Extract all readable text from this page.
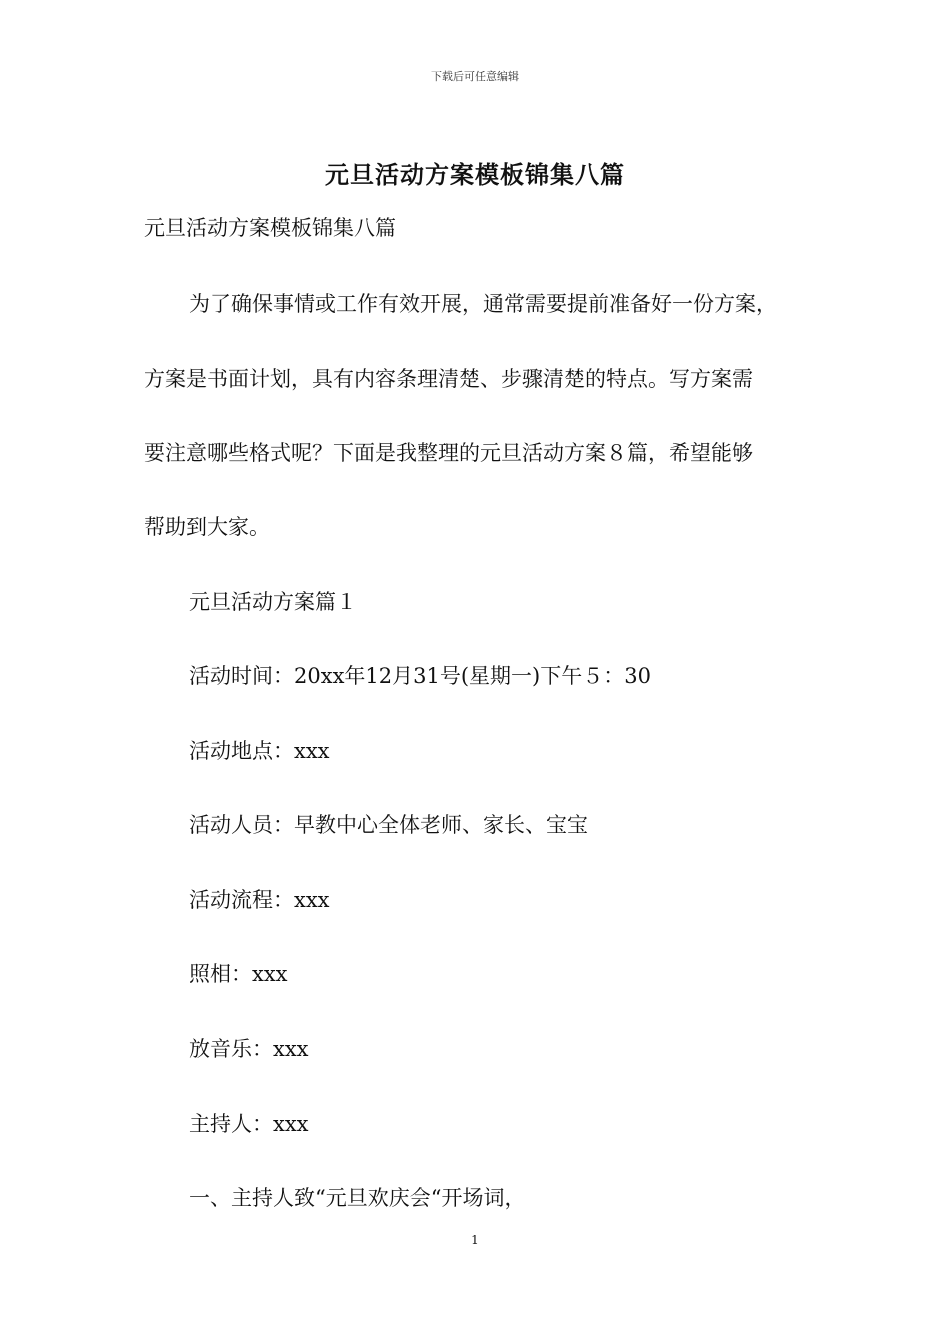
下载后可任意编辑
元旦活动方案模板锦集八篇
元旦活动方案模板锦集八篇
为了确保事情或工作有效开展，通常需要提前准备好一份方案，
方案是书面计划，具有内容条理清楚、步骤清楚的特点。写方案需
要注意哪些格式呢？下面是我整理的元旦活动方案８篇，希望能够
帮助到大家。
元旦活动方案篇１
活动时间：20xx年12月31号(星期一)下午５：30
活动地点：xxx
活动人员：早教中心全体老师、家长、宝宝
活动流程：xxx
照相：xxx
放音乐：xxx
主持人：xxx
一、主持人致“元旦欢庆会“开场词，
1
